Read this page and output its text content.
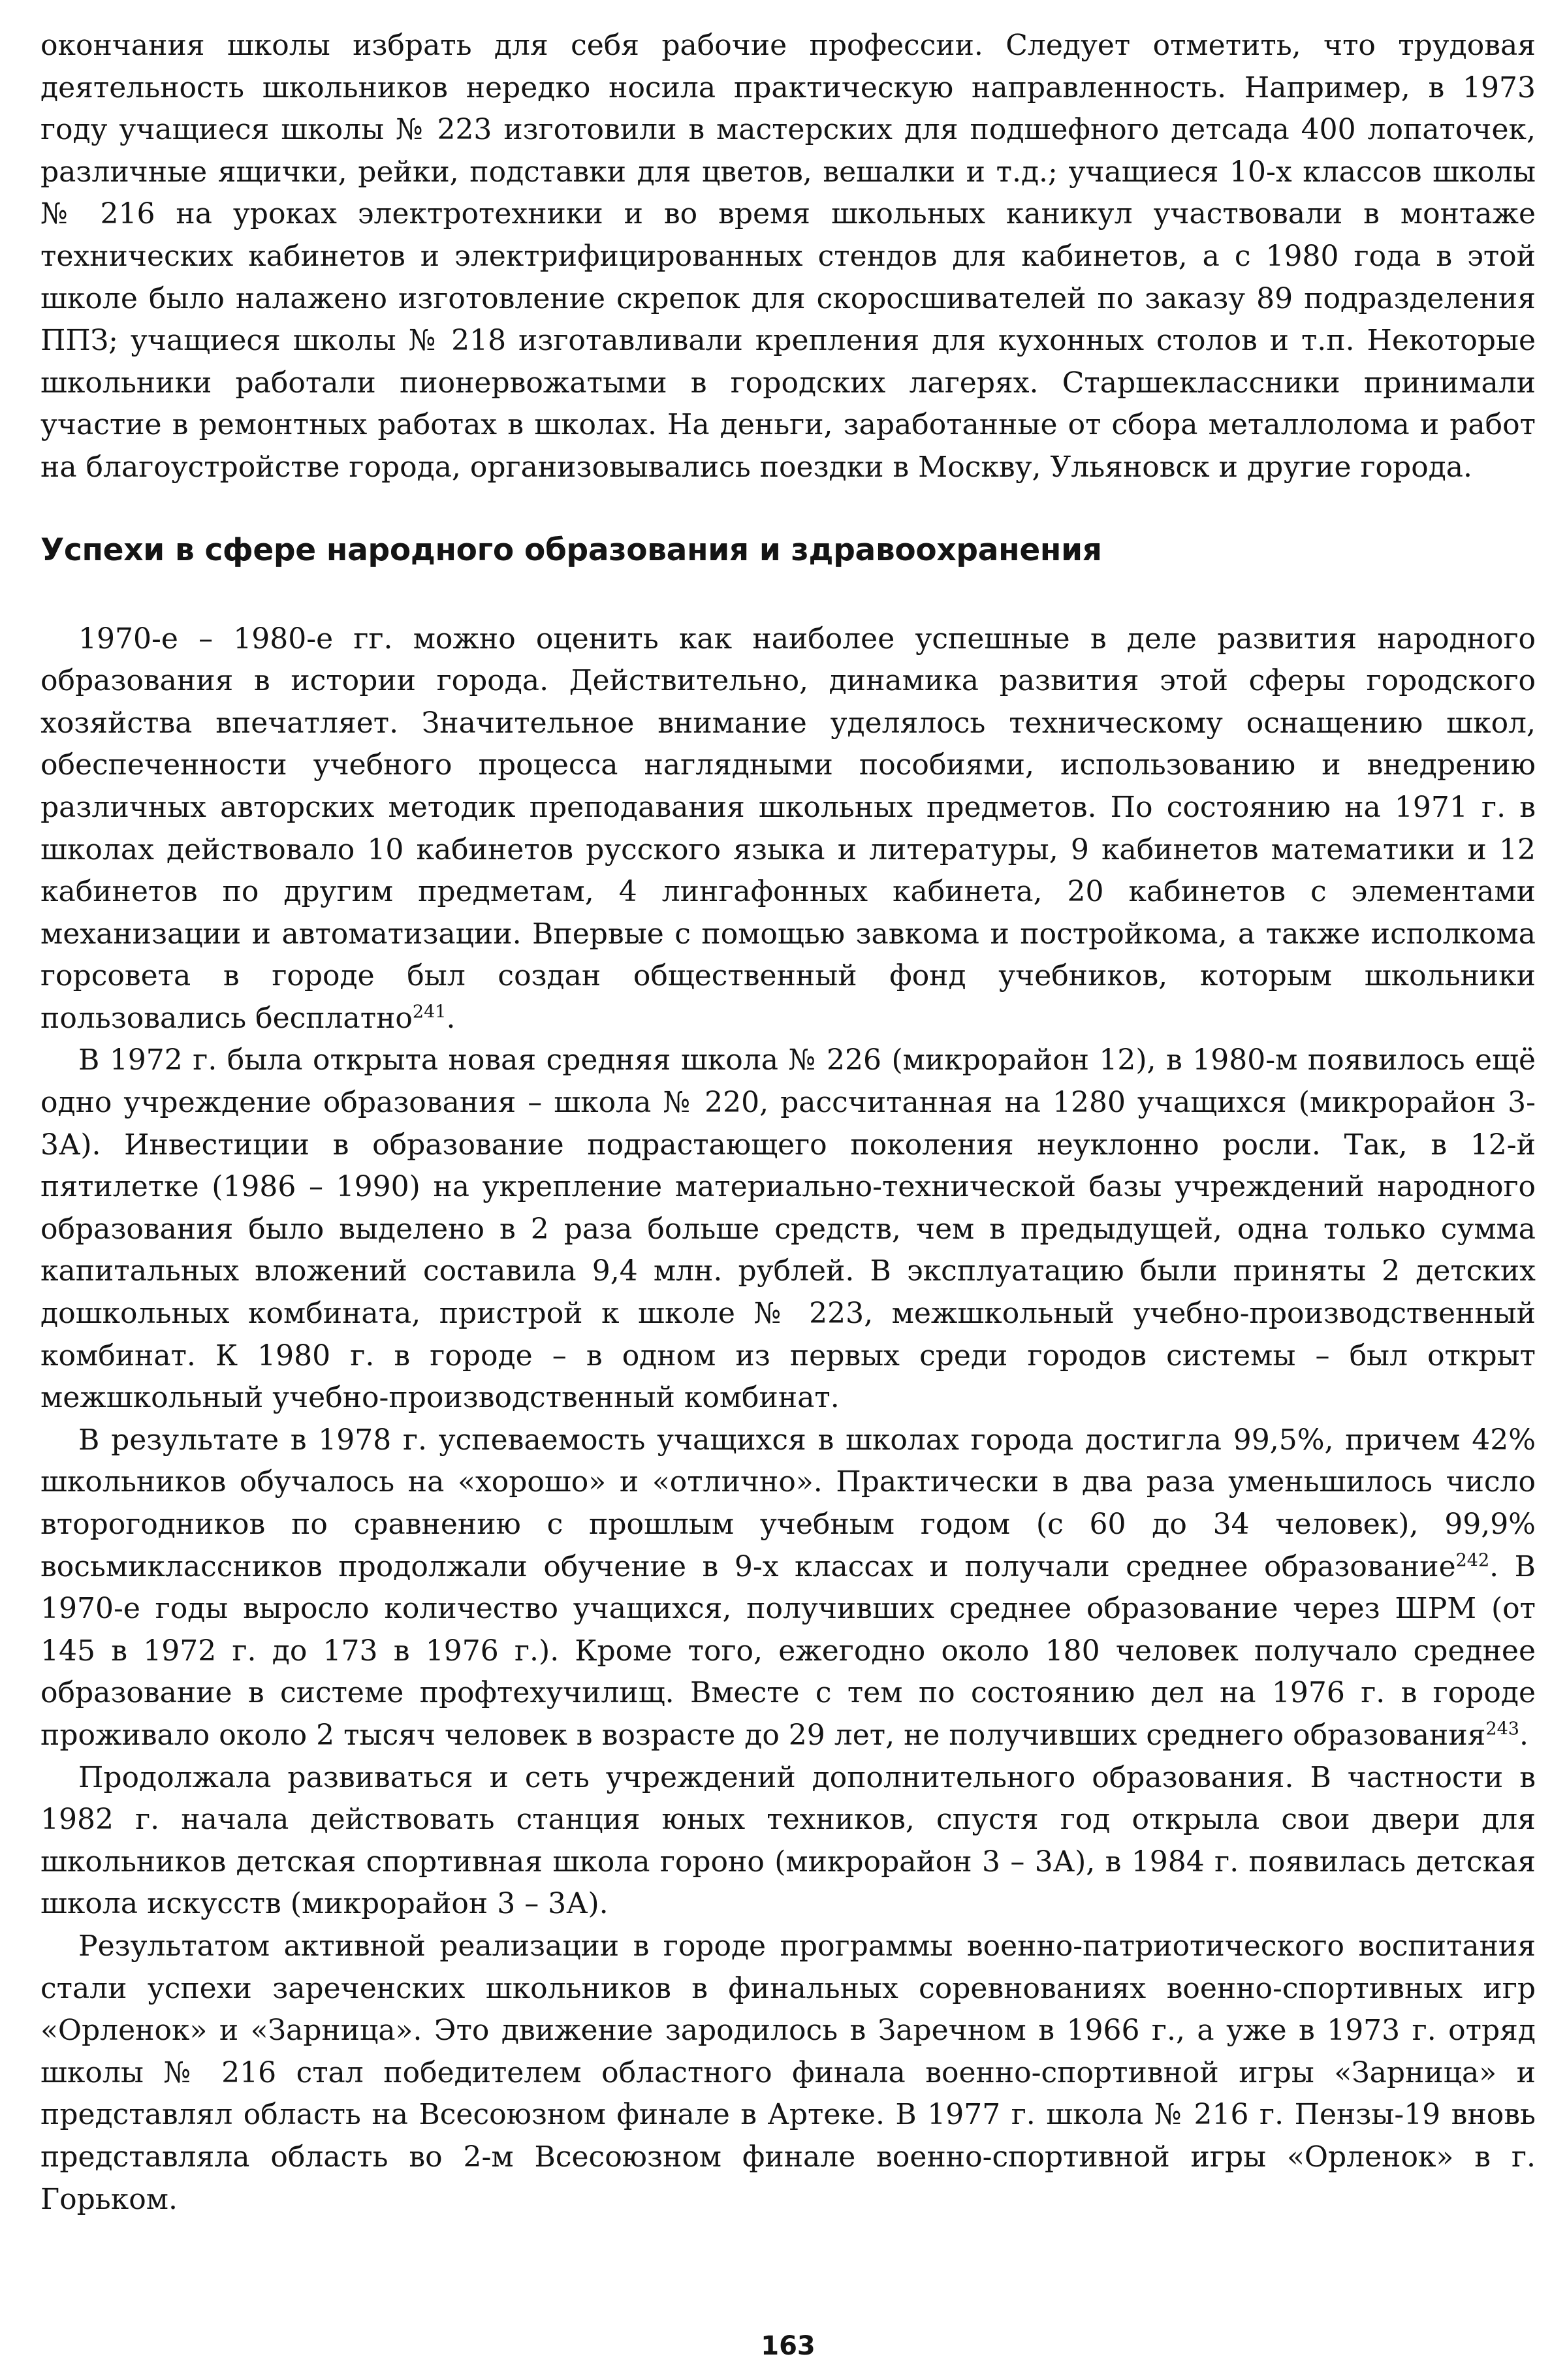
окончания школы избрать для себя рабочие профессии. Следует отметить, что трудовая деятельность школьников нередко носила практическую направленность. Например, в 1973 году учащиеся школы № 223 изготовили в мастерских для подшефного детсада 400 лопаточек, различные ящички, рейки, подставки для цветов, вешалки и т.д.; учащиеся 10-х классов школы № 216 на уроках электротехники и во время школьных каникул участвовали в монтаже технических кабинетов и электрифицированных стендов для кабинетов, а с 1980 года в этой школе было налажено изготовление скрепок для скоросшивателей по заказу 89 подразделения ППЗ; учащиеся школы № 218 изготавливали крепления для кухонных столов и т.п. Некоторые школьники работали пионервожатыми в городских лагерях. Старшеклассники принимали участие в ремонтных работах в школах. На деньги, заработанные от сбора металлолома и работ на благоустройстве города, организовывались поездки в Москву, Ульяновск и другие города.

Успехи в сфере народного образования и здравоохранения

1970-е – 1980-е гг. можно оценить как наиболее успешные в деле развития народного образования в истории города. Действительно, динамика развития этой сферы городского хозяйства впечатляет. Значительное внимание уделялось техническому оснащению школ, обеспеченности учебного процесса наглядными пособиями, использованию и внедрению различных авторских методик преподавания школьных предметов. По состоянию на 1971 г. в школах действовало 10 кабинетов русского языка и литературы, 9 кабинетов математики и 12 кабинетов по другим предметам, 4 лингафонных кабинета, 20 кабинетов с элементами механизации и автоматизации. Впервые с помощью завкома и постройкома, а также исполкома горсовета в городе был создан общественный фонд учебников, которым школьники пользовались бесплатно$^{241}$.

В 1972 г. была открыта новая средняя школа № 226 (микрорайон 12), в 1980-м появилось ещё одно учреждение образования – школа № 220, рассчитанная на 1280 учащихся (микрорайон 3-3А). Инвестиции в образование подрастающего поколения неуклонно росли. Так, в 12-й пятилетке (1986 – 1990) на укрепление материально-технической базы учреждений народного образования было выделено в 2 раза больше средств, чем в предыдущей, одна только сумма капитальных вложений составила 9,4 млн. рублей. В эксплуатацию были приняты 2 детских дошкольных комбината, пристрой к школе № 223, межшкольный учебно-производственный комбинат. К 1980 г. в городе – в одном из первых среди городов системы – был открыт межшкольный учебно-производственный комбинат.

В результате в 1978 г. успеваемость учащихся в школах города достигла 99,5%, причем 42% школьников обучалось на «хорошо» и «отлично». Практически в два раза уменьшилось число второгодников по сравнению с прошлым учебным годом (с 60 до 34 человек), 99,9% восьмиклассников продолжали обучение в 9-х классах и получали среднее образование$^{242}$. В 1970-е годы выросло количество учащихся, получивших среднее образование через ШРМ (от 145 в 1972 г. до 173 в 1976 г.). Кроме того, ежегодно около 180 человек получало среднее образование в системе профтехучилищ. Вместе с тем по состоянию дел на 1976 г. в городе проживало около 2 тысяч человек в возрасте до 29 лет, не получивших среднего образования$^{243}$.

Продолжала развиваться и сеть учреждений дополнительного образования. В частности в 1982 г. начала действовать станция юных техников, спустя год открыла свои двери для школьников детская спортивная школа гороно (микрорайон 3 – 3А), в 1984 г. появилась детская школа искусств (микрорайон 3 – 3А).

Результатом активной реализации в городе программы военно-патриотического воспитания стали успехи зареченских школьников в финальных соревнованиях военно-спортивных игр «Орленок» и «Зарница». Это движение зародилось в Заречном в 1966 г., а уже в 1973 г. отряд школы № 216 стал победителем областного финала военно-спортивной игры «Зарница» и представлял область на Всесоюзном финале в Артеке. В 1977 г. школа № 216 г. Пензы-19 вновь представляла область во 2-м Всесоюзном финале военно-спортивной игры «Орленок» в г. Горьком.

163
